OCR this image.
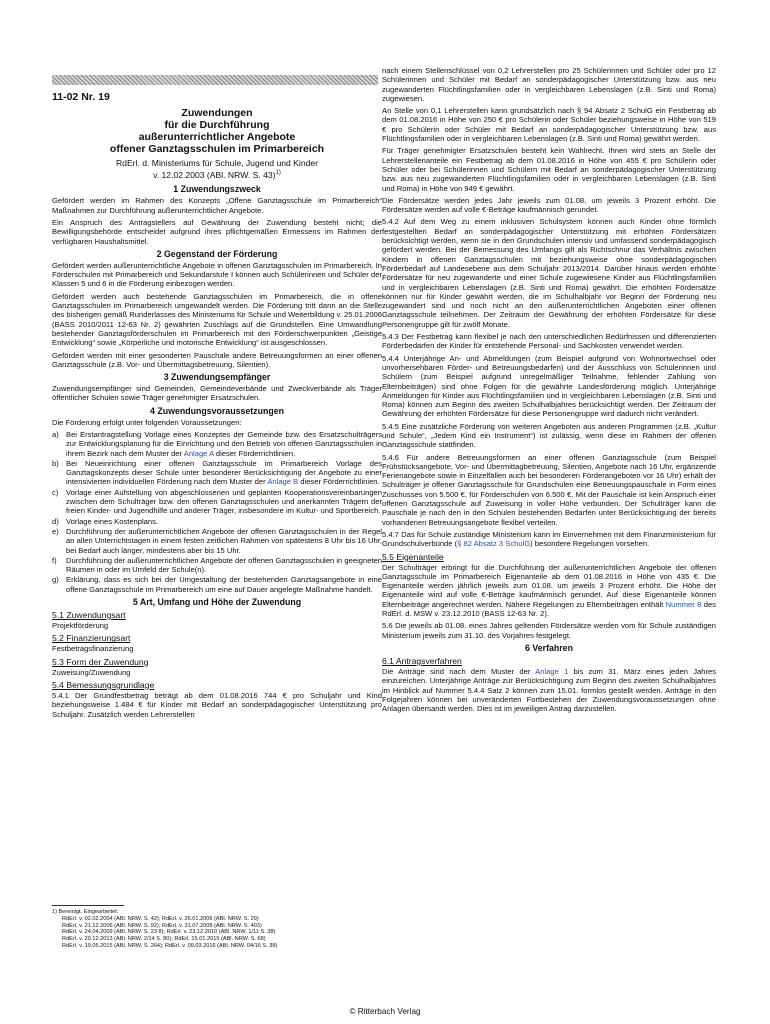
11-02 Nr. 19
Zuwendungen
für die Durchführung
außerunterrichtlicher Angebote
offener Ganztagsschulen im Primarbereich
RdErl. d. Ministeriums für Schule, Jugend und Kinder
v. 12.02.2003 (ABl. NRW. S. 43)$^{1)}$
1 Zuwendungszweck

Gefördert werden im Rahmen des Konzepts „Offene Ganztagsschule im Primarbereich“ Maßnahmen zur Durchführung außerunterrichtlicher Angebote.

Ein Anspruch des Antragstellers auf Gewährung der Zuwendung besteht nicht; die Bewilligungsbehörde entscheidet aufgrund ihres pflichtgemäßen Ermessens im Rahmen der verfügbaren Haushaltsmittel.

2 Gegenstand der Förderung

Gefördert werden außerunterrichtliche Angebote in offenen Ganztagsschulen im Primarbereich. In Förderschulen mit Primarbereich und Sekundarstufe I können auch Schülerinnen und Schüler der Klassen 5 und 6 in die Förderung einbezogen werden.

Gefördert werden auch bestehende Ganztagsschulen im Primarbereich, die in offene Ganztagsschulen im Primarbereich umgewandelt werden. Die Förderung tritt dann an die Stelle des bisherigen gemäß Runderlasses des Ministeriums für Schule und Weiterbildung v. 25.01.2006 (BASS 2010/2011 12-63 Nr. 2) gewährten Zuschlags auf die Grundstellen. Eine Umwandlung bestehender Ganztagsförderschulen im Primarbereich mit den Förderschwerpunkten „Geistige Entwicklung“ sowie „Körperliche und motorische Entwicklung“ ist ausgeschlossen.

Gefördert werden mit einer gesonderten Pauschale andere Betreuungsformen an einer offenen Ganztagsschule (z.B. Vor- und Übermittagsbetreuung, Silentien).

3 Zuwendungsempfänger

Zuwendungsempfänger sind Gemeinden, Gemeindeverbände und Zweckverbände als Träger öffentlicher Schulen sowie Träger genehmigter Ersatzschulen.

4 Zuwendungsvoraussetzungen

Die Förderung erfolgt unter folgenden Voraussetzungen:

a) Bei Erstantragstellung Vorlage eines Konzeptes der Gemeinde bzw. des Ersatzschulträgers zur Entwicklungsplanung für die Einrichtung und den Betrieb von offenen Ganztagsschulen in ihrem Bezirk nach dem Muster der Anlage A dieser Förderrichtlinien.
b) Bei Neueinrichtung einer offenen Ganztagsschule im Primarbereich Vorlage des Ganztagskonzepts dieser Schule unter besonderer Berücksichtigung der Angebote zu einer intensivierten individuellen Förderung nach dem Muster der Anlage B dieser Förderrichtlinien.
c) Vorlage einer Aufstellung von abgeschlossenen und geplanten Kooperationsvereinbarungen zwischen dem Schulträger bzw. den offenen Ganztagsschulen und anerkannten Trägern der freien Kinder- und Jugendhilfe und anderer Träger, insbesondere im Kultur- und Sportbereich.
d) Vorlage eines Kostenplans.
e) Durchführung der außerunterrichtlichen Angebote der offenen Ganztagsschulen in der Regel an allen Unterrichtstagen in einem festen zeitlichen Rahmen von spätestens 8 Uhr bis 16 Uhr, bei Bedarf auch länger, mindestens aber bis 15 Uhr.
f) Durchführung der außerunterrichtlichen Angebote der offenen Ganztagsschulen in geeigneten Räumen in oder im Umfeld der Schule(n).
g) Erklärung, dass es sich bei der Umgestaltung der bestehenden Ganztagsangebote in eine offene Ganztagsschule im Primarbereich um eine auf Dauer angelegte Maßnahme handelt.
5 Art, Umfang und Höhe der Zuwendung
5.1 Zuwendungsart

Projektförderung

5.2 Finanzierungsart

Festbetragsfinanzierung

5.3 Form der Zuwendung

Zuweisung/Zuwendung

5.4 Bemessungsgrundlage

5.4.1 Der Grundfestbetrag beträgt ab dem 01.08.2016 744 € pro Schuljahr und Kind beziehungsweise 1.484 € für Kinder mit Bedarf an sonderpädagogischer Unterstützung pro Schuljahr. Zusätzlich werden Lehrerstellen

1) Bereinigt. Eingearbeitet:
RdErl. v. 02.02.2004 (ABl. NRW. S. 42); RdErl. v. 26.01.2006 (ABl. NRW. S. 29)
RdErl. v. 21.12.2006 (ABl. NRW. S. 92); RdErl. v. 31.07.2008 (ABl. NRW. S. 403)
RdErl. v. 24.04.2009 (ABl. NRW. S. 23 8); RdErl. v. 23.12.2010 (ABl. NRW. 1/11 S. 38)
RdErl. v. 20.12.2013 (ABl. NRW. 2/14 S. 80); RdErl. 15.01.2015 (ABl. NRW. S. 68)
RdErl. v. 19.05.2015 (ABl. NRW. S. 264); RdErl. v. 09.03.2016 (ABl. NRW. 04/16 S. 38)

nach einem Stellenschlüssel von 0,2 Lehrerstellen pro 25 Schülerinnen und Schüler oder pro 12 Schülerinnen und Schüler mit Bedarf an sonderpädagogischer Unterstützung bzw. aus neu zugewanderten Flüchtlingsfamilien oder in vergleichbaren Lebenslagen (z.B. Sinti und Roma) zugewiesen.

An Stelle von 0,1 Lehrerstellen kann grundsätzlich nach § 94 Absatz 2 SchulG ein Festbetrag ab dem 01.08.2016 in Höhe von 250 € pro Schülerin oder Schüler beziehungsweise in Höhe von 519 € pro Schülerin oder Schüler mit Bedarf an sonderpädagogischer Unterstützung bzw. aus Flüchtlingsfamilien oder in vergleichbaren Lebenslagen (z.B. Sinti und Roma) gewährt werden.

Für Träger genehmigter Ersatzschulen besteht kein Wahlrecht. Ihnen wird stets an Stelle der Lehrerstellenanteile ein Festbetrag ab dem 01.08.2016 in Höhe von 455 € pro Schülerin oder Schüler oder bei Schülerinnen und Schülern mit Bedarf an sonderpädagogischer Unterstützung bzw. aus neu zugewanderten Flüchtlingsfamilien oder in vergleichbaren Lebenslagen (z.B. Sinti und Roma) in Höhe von 949 € gewährt.

Die Fördersätze werden jedes Jahr jeweils zum 01.08. um jeweils 3 Prozent erhöht. Die Fördersätze werden auf volle €-Beträge kaufmännisch gerundet.

5.4.2 Auf dem Weg zu einem inklusiven Schulsystem können auch Kinder ohne förmlich festgestellten Bedarf an sonderpädagogischer Unterstützung mit erhöhten Fördersätzen berücksichtigt werden, wenn sie in den Grundschulen intensiv und umfassend sonderpädagogisch gefördert werden. Bei der Bemessung des Umfangs gilt als Richtschnur das Verhältnis zwischen Kindern in offenen Ganztagsschulen mit beziehungsweise ohne sonderpädagogischen Förderbedarf auf Landesebene aus dem Schuljahr 2013/2014. Darüber hinaus werden erhöhte Fördersätze für neu zugewanderte und einer Schule zugewiesene Kinder aus Flüchtlingsfamilien und in vergleichbaren Lebenslagen (z.B. Sinti und Roma) gewährt. Die erhöhten Fördersätze können nur für Kinder gewährt werden, die im Schulhalbjahr vor Beginn der Förderung neu zugewandert sind und noch nicht an den außerunterrichtlichen Angeboten einer offenen Ganztagsschule teilnehmen. Der Zeitraum der Gewährung der erhöhten Fördersätze für diese Personengruppe gilt für zwölf Monate.

5.4.3 Der Festbetrag kann flexibel je nach den unterschiedlichen Bedürfnissen und differenzierten Förderbedarfen der Kinder für entstehende Personal- und Sachkosten verwendet werden.

5.4.4 Unterjährige An- und Abmeldungen (zum Beispiel aufgrund von Wohnortwechsel oder unvorhersehbaren Förder- und Betreuungsbedarfen) und der Ausschluss von Schülerinnen und Schülern (zum Beispiel aufgrund unregelmäßiger Teilnahme, fehlender Zahlung von Elternbeiträgen) sind ohne Folgen für die gewährte Landesförderung möglich. Unterjährige Anmeldungen für Kinder aus Flüchtlingsfamilien und in vergleichbaren Lebenslagen (z.B. Sinti und Roma) können zum Beginn des zweiten Schulhalbjahres berücksichtigt werden. Der Zeitraum der Gewährung der erhöhten Fördersätze für diese Personengruppe wird dadurch nicht verändert.

5.4.5 Eine zusätzliche Förderung von weiteren Angeboten aus anderen Programmen (z.B. „Kultur und Schule“, „Jedem Kind ein Instrument“) ist zulässig, wenn diese im Rahmen der offenen Ganztagsschule stattfinden.

5.4.6 Für andere Betreuungsformen an einer offenen Ganztagsschule (zum Beispiel Frühstücksangebote, Vor- und Übermittagbetreuung, Silentien, Angebote nach 16 Uhr, ergänzende Ferienangebote sowie in Einzelfällen auch bei besonderen Förderangeboten vor 16 Uhr) erhält der Schulträger je offener Ganztagsschule für Grundschulen eine Betreuungspauschale in Form eines Zuschusses von 5.500 €, für Förderschulen von 6.500 €. Mit der Pauschale ist kein Anspruch einer offenen Ganztagsschule auf Zuweisung in voller Höhe verbunden. Der Schulträger kann die Pauschale je nach den in den Schulen bestehenden Bedarfen unter Berücksichtigung der bereits vorhandenen Betreuungsangebote flexibel verteilen.

5.4.7 Das für Schule zuständige Ministerium kann im Einvernehmen mit dem Finanzministerium für Grundschulverbünde (§ 82 Absatz 3 SchulG) besondere Regelungen vorsehen.

5.5 Eigenanteile

Der Schulträger erbringt für die Durchführung der außerunterrichtlichen Angebote der offenen Ganztagsschule im Primarbereich Eigenanteile ab dem 01.08.2016 in Höhe von 435 €. Die Eigenanteile werden jährlich jeweils zum 01.08. um jeweils 3 Prozent erhöht. Die Höhe der Eigenanteile wird auf volle €-Beträge kaufmännisch gerundet. Auf diese Eigenanteile können Elternbeiträge angerechnet werden. Nähere Regelungen zu Elternbeiträgen enthält Nummer 8 des RdErl. d. MSW v. 23.12.2010 (BASS 12-63 Nr. 2).

5.6 Die jeweils ab 01.08. eines Jahres geltenden Fördersätze werden vom für Schule zuständigen Ministerium jeweils zum 31.10. des Vorjahres festgelegt.

6 Verfahren
6.1 Antragsverfahren

Die Anträge sind nach dem Muster der Anlage 1 bis zum 31. März eines jeden Jahres einzureichen. Unterjährige Anträge zur Berücksichtigung zum Beginn des zweiten Schulhalbjahres im Hinblick auf Nummer 5.4.4 Satz 2 können zum 15.01. formlos gestellt werden. Anträge in den Folgejahren können bei unveränderten Fortbestehen der Zuwendungsvoraussetzungen ohne Anlagen übersandt werden. Dies ist im jeweiligen Antrag darzustellen.

© Ritterbach Verlag
